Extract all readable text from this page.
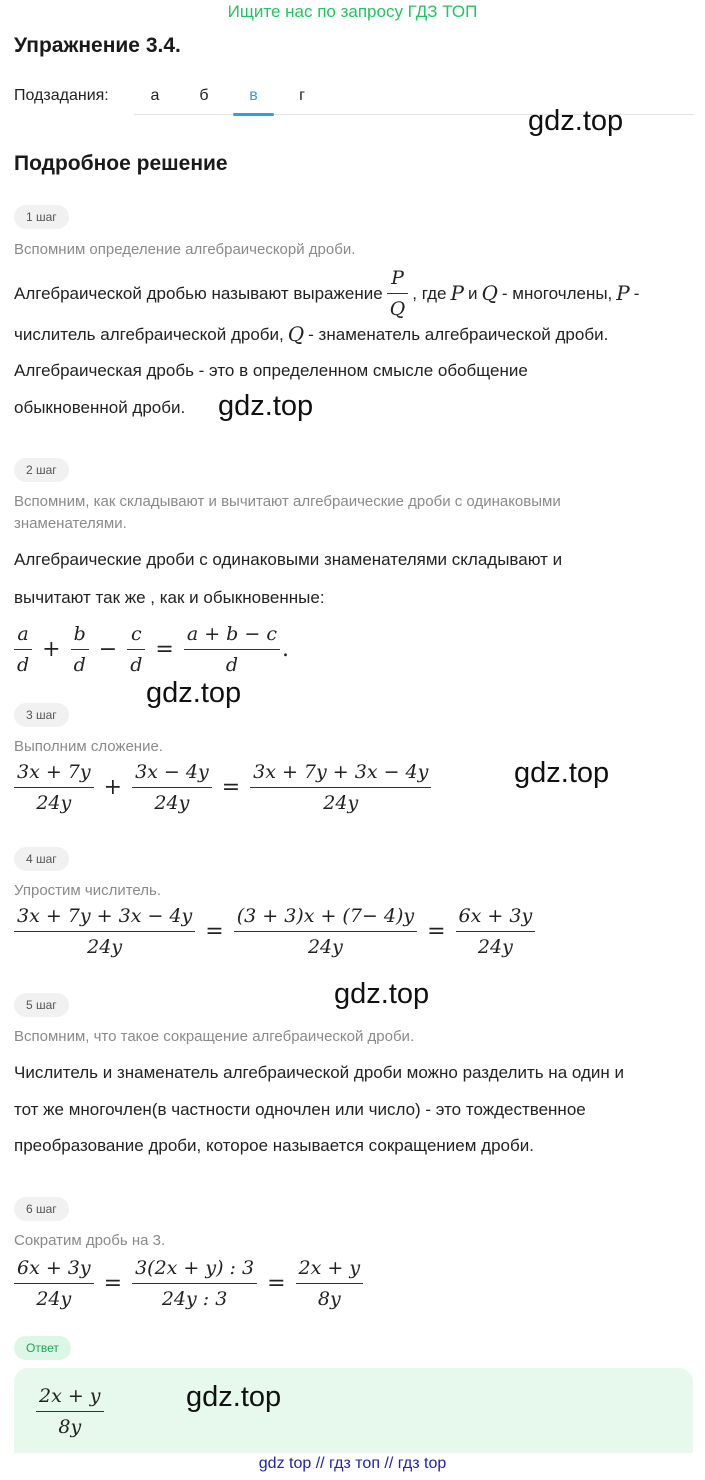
Ищите нас по запросу ГДЗ ТОП
Упражнение 3.4.
Подзадания:	а б	в	г
gdz.top
Подробное решение
1 шаг
Вспомним определение алгебраическорй дроби.
Алгебраической дробью называют выражение $\frac{P}{Q}$ , где P и Q - многочлены, P -
числитель алгебраической дроби, Q - знаменатель алгебраической дроби.
Алгебраическая дробь - это в определенном смысле обобщение
обыкновенной дроби. gdz.top
2 шаг
Вспомним, как складывают и вычитают алгебраические дроби с одинаковыми
знаменателями.
Алгебраические дроби с одинаковыми знаменателями складывают и
вычитают так же , как и обыкновенные:
$\frac{a}{d} + \frac{b}{d} - \frac{c}{d} = \frac{a + b - c}{d}$ .
gdz.top
3 шаг
Выполним сложение.
$\frac{3x + 7y}{24y} + \frac{3x - 4y}{24y} = \frac{3x + 7y + 3x - 4y}{24y}$	gdz.top
4 шаг
Упростим числитель.
$\frac{3x + 7y + 3x - 4y}{24y} = \frac{(3 + 3)x + (7- 4)y}{24y} = \frac{6x + 3y}{24y}$
gdz.top
5 шаг
Вспомним, что такое сокращение алгебраической дроби.
Числитель и знаменатель алгебраической дроби можно разделить на один и
тот же многочлен(в частности одночлен или число) - это тождественное
преобразование дроби, которое называется сокращением дроби.
6 шаг
Сократим дробь на 3.
$\frac{6x + 3y}{24y} = \frac{3(2x + y) : 3}{24y : 3} = \frac{2x + y}{8y}$
Ответ
$\frac{2x + y}{8y}$	gdz.top
gdz top // гдз топ // гдз top
